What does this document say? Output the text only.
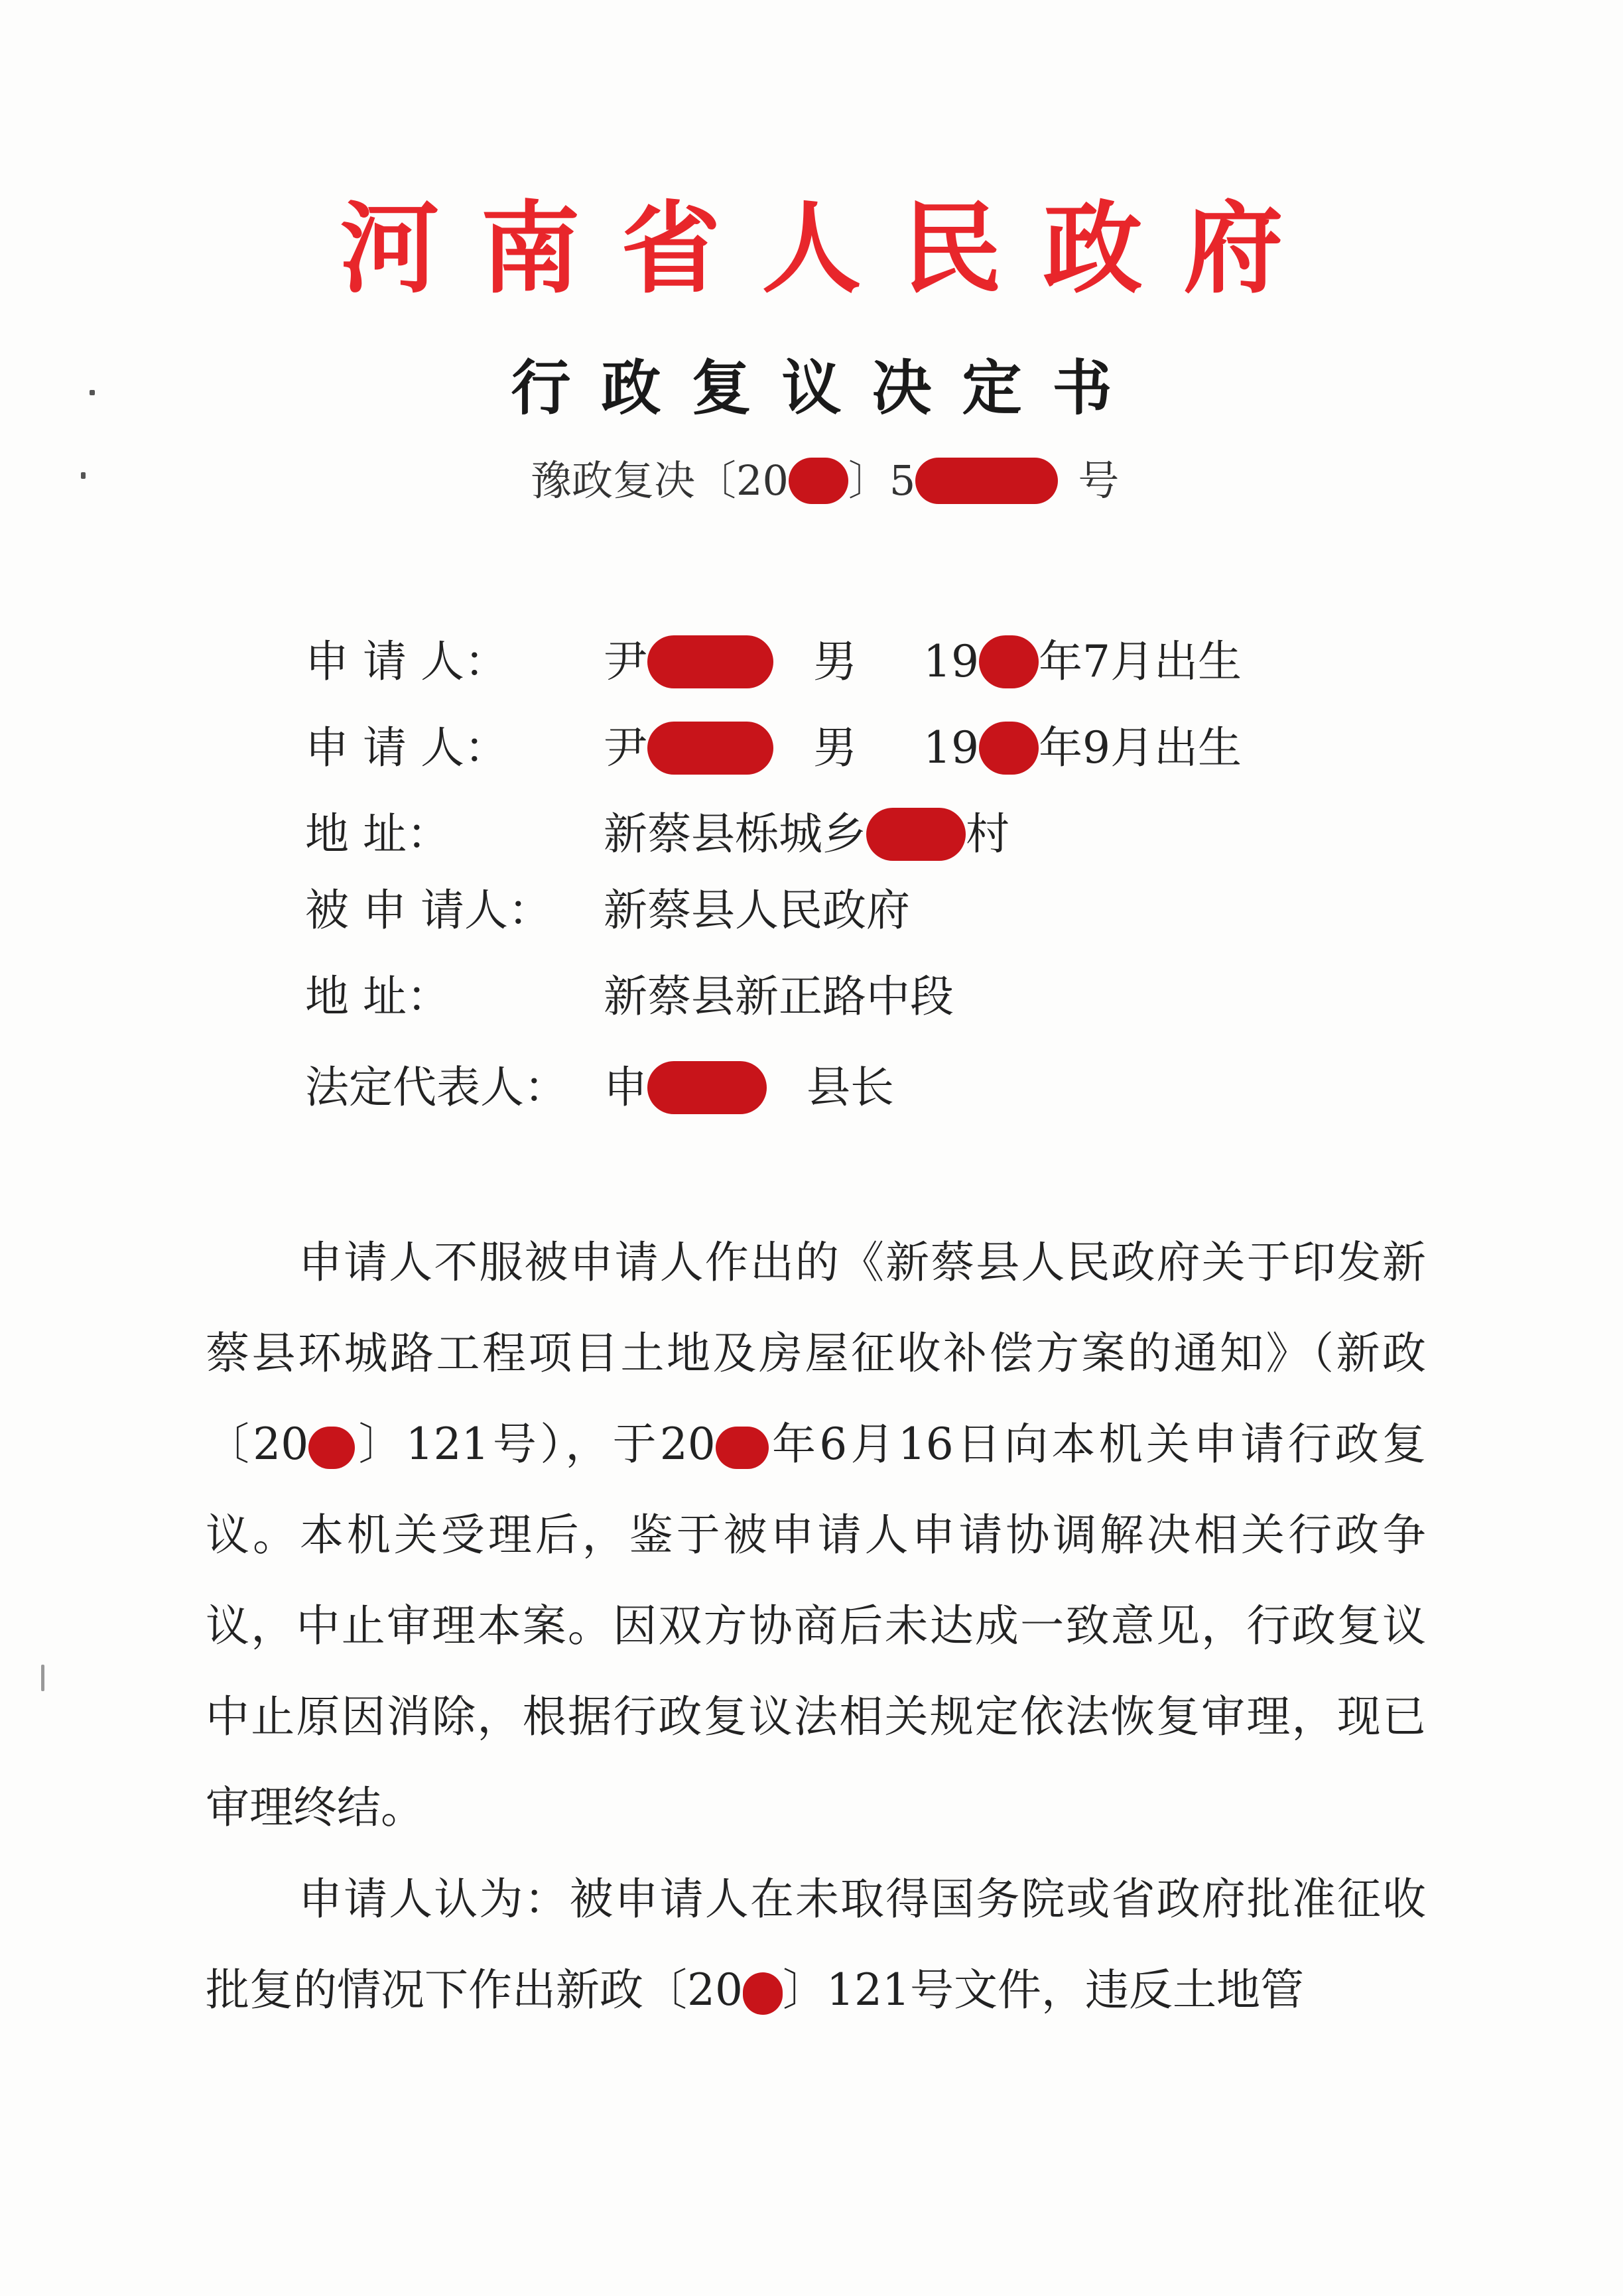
河南省人民政府
行政复议决定书
豫政复决〔20 〕5	号
申 请 人：	尹	男 19 年7月出生
申 请 人：	尹	男 19 年9月出生
地 址：	新蔡县栎城乡 村
被 申 请人：	新蔡县人民政府
地 址：	新蔡县新正路中段
法定代表人： 申	县长
申请人不服被申请人作出的《新蔡县人民政府关于印发新蔡县环城路工程项目土地及房屋征收补偿方案的通知》（新政〔20 〕121号），于20 年6月16日向本机关申请行政复议。本机关受理后，鉴于被申请人申请协调解决相关行政争议，中止审理本案。因双方协商后未达成一致意见，行政复议中止原因消除，根据行政复议法相关规定依法恢复审理，现已审理终结。
申请人认为：被申请人在未取得国务院或省政府批准征收批复的情况下作出新政〔20 〕121号文件，违反土地管
